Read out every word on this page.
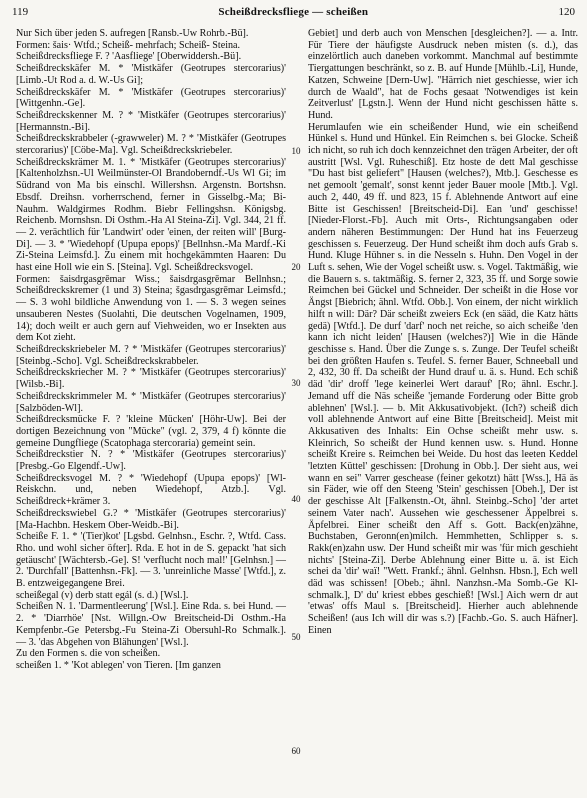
119	Scheißdrecksfliege — scheißen	120

Nur Sich über jeden S. aufregen [Ransb.-Uw Rohrb.-Bü].

Formen: šais· Wtfd.; Scheiß- mehrfach; Scheiß- Steina.

Scheißdrecksfliege F. ? 'Aasfliege' [Oberwiddersh.-Bü].

Scheißdreckskäfer M. * 'Mistkäfer (Geotrupes stercorarius)' [Limb.-Ut Rod a. d. W.-Us Gi];

Scheißdreckskäfer M. * 'Mistkäfer (Geotrupes stercorarius)' [Wittgenhn.-Ge].

Scheißdreckskenner M. ? * 'Mistkäfer (Geotrupes stercorarius)' [Hermannstn.-Bi].

Scheißdreckskrabbeler (-grawweler) M. ? * 'Mistkäfer (Geotrupes stercorarius)' [Cöbe-Ma]. Vgl. Scheißdreckskriebeler.

Scheißdreckskrämer M. 1. * 'Mistkäfer (Geotrupes stercorarius)' [Kaltenholzhsn.-Ul Weilmünster-Ol Brandoberndf.-Us Wl Gi; im Südrand von Ma bis einschl. Willershsn. Argenstn. Bortshsn. Ebsdf. Dreihsn. vorherrschend, ferner in Gisselbg.-Ma; Bi-Nauhm. Waldgirmes Rodhm. Biebr Fellingshsn. Königsbg. Reichenb. Mornshsn. Di Osthm.-Ha Al Steina-Zi]. Vgl. 344, 21 ff. — 2. verächtlich für 'Landwirt' oder 'einen, der reiten will' [Burg-Di]. — 3. * 'Wiedehopf (Upupa epops)' [Bellnhsn.-Ma Mardf.-Ki Zi-Steina Leimsfd.]. Zu einem mit hochgekämmten Haaren: Du hast eine Holl wie ein S. [Steina]. Vgl. Scheißdrecksvogel.

Formen: šaisdrgasgrēmar Wiss.; šaisdrgasgrēmar Bellnhsn.; Scheißdreckskremer (1 und 3) Steina; šgasdrgasgrēmar Leimsfd.; — S. 3 wohl bildliche Anwendung von 1. — S. 3 wegen seines unsauberen Nestes (Suolahti, Die deutschen Vogelnamen, 1909, 14); doch weilt er auch gern auf Viehweiden, wo er Insekten aus dem Kot zieht.

Scheißdreckskriebeler M. ? * 'Mistkäfer (Geotrupes stercorarius)' [Steinbg.-Scho]. Vgl. Scheißdreckskrabbeler.

Scheißdreckskriecher M. ? * 'Mistkäfer (Geotrupes stercorarius)' [Wilsb.-Bi].

Scheißdreckskrimmeler M. * 'Mistkäfer (Geotrupes stercorarius)' [Salzböden-Wl].

Scheißdrecksmücke F. ? 'kleine Mücken' [Höhr-Uw]. Bei der dortigen Bezeichnung von "Mücke" (vgl. 2, 379, 4 f) könnte die gemeine Dungfliege (Scatophaga stercoraria) gemeint sein.

Scheißdreckstier N. ? * 'Mistkäfer (Geotrupes stercorarius)' [Presbg.-Go Elgendf.-Uw].

Scheißdrecksvogel M. ? * 'Wiedehopf (Upupa epops)' [Wl-Reiskchn. und, neben Wiedehopf, Atzb.]. Vgl. Scheißdreck+krämer 3.

Scheißdreckswiebel G.? * 'Mistkäfer (Geotrupes stercorarius)' [Ma-Hachbn. Heskem Ober-Weidb.-Bi].

Scheiße F. 1. * '(Tier)kot' [Lgsbd. Gelnhsn., Eschr. ?, Wtfd. Cass. Rho. und wohl sicher öfter]. Rda. E hot in de S. gepackt 'hat sich getäuscht' [Wächtersb.-Ge]. S! 'verflucht noch mal!' [Gelnhsn.] — 2. 'Durchfall' [Battenhsn.-Fk]. — 3. 'unreinliche Masse' [Wtfd.], z. B. entzweigegangene Brei.

scheißegal (v) derb statt egál (s. d.) [Wsl.].

Scheißen N. 1. 'Darmentleerung' [Wsl.]. Eine Rda. s. bei Hund. — 2. * 'Diarrhöe' [Nst. Willgn.-Ow Breitscheid-Di Osthm.-Ha Kempfenbr.-Ge Petersbg.-Fu Steina-Zi Obersuhl-Ro Schmalk.]. — 3. 'das Abgehen von Blähungen' [Wsl.].

Zu den Formen s. die von scheißen.

scheißen 1. * 'Kot ablegen' von Tieren. [Im ganzen

10
20
30
40
50
60

Gebiet] und derb auch von Menschen [desgleichen?]. — a. Intr. Für Tiere der häufigste Ausdruck neben misten (s. d.), das einzelörtlich auch daneben vorkommt. Manchmal auf bestimmte Tiergattungen beschränkt, so z. B. auf Hunde [Mühlb.-Li], Hunde, Katzen, Schweine [Dern-Uw]. "Härrich niet geschiesse, wier ich durch de Waald", hat de Fochs gesaat 'Notwendiges ist kein Zeitverlust' [Lgstn.]. Wenn der Hund nicht geschissen hätte s. Hund.

Herumlaufen wie ein scheißender Hund, wie ein scheißend Hünkel s. Hund und Hünkel. Ein Reimchen s. bei Glocke. Scheiß ich nicht, so ruh ich doch kennzeichnet den trägen Arbeiter, der oft austritt [Wsl. Vgl. Ruheschiß]. Etz hoste de dett Mal geschisse "Du hast bist geliefert" [Hausen (welches?), Mtb.]. Geschesse es net gemoolt 'gemalt', sonst kennt jeder Bauer moole [Mtb.]. Vgl. auch 2, 440, 49 ff. und 823, 15 f. Ablehnende Antwort auf eine Bitte ist Geschissen! [Breitscheid-Di]. Ean 'und' geschisse! [Nieder-Florst.-Fb]. Auch mit Orts-, Richtungsangaben oder andern näheren Bestimmungen: Der Hund hat ins Feuerzeug geschissen s. Feuerzeug. Der Hund scheißt ihm doch aufs Grab s. Hund. Kluge Hühner s. in die Nesseln s. Huhn. Den Vogel in der Luft s. sehen, Wie der Vogel scheißt usw. s. Vogel. Taktmäßig, wie die Bauern s. s. taktmäßig. S. ferner 2, 323, 35 ff. und Sorge sowie Reimchen bei Gückel und Schneider. Der scheißt in die Hose vor Ängst [Biebrich; ähnl. Wtfd. Obb.]. Von einem, der nicht wirklich hilft n will: Där? Där scheißt zweiers Eck (en sääd, die Katz hätts gedä) [Wtfd.]. De durf 'darf' noch net reiche, so aich scheiße 'den kann ich nicht leiden' [Hausen (welches?)] Wie in die Hände geschisse s. Hand. Über die Zunge s. s. Zunge. Der Teufel scheißt bei den größten Haufen s. Teufel. S. ferner Bauer, Schneeball und 2, 432, 30 ff. Da scheißt der Hund drauf u. ä. s. Hund. Ech schiß däd 'dir' droff 'lege keinerlei Wert darauf' [Ro; ähnl. Eschr.]. Jemand uff die Näs scheiße 'jemande Forderung oder Bitte grob ablehnen' [Wsl.]. — b. Mit Akkusativobjekt. (Ich?) scheiß dich voll ablehnende Antwort auf eine Bitte [Breitscheid]. Meist mit Akkusativen des Inhalts: Ein Ochse scheißt mehr usw. s. Kleinrich, So scheißt der Hund kennen usw. s. Hund. Honne scheißt Kreire s. Reimchen bei Weide. Du host das leeten Keddel 'letzten Küttel' geschissen: [Drohung in Obb.]. Der sieht aus, wei wann en sei" Varrer geschease (feiner gekotzt) hätt [Wss.], Hä äs sin Fäder, wie off den Steeng 'Stein' geschissen [Obeh.], Der ist der geschisse Alt [Falkenstn.-Ot, ähnl. Steinbg.-Scho] 'der artet seinem Vater nach'. Aussehen wie geschessener Äppelbrei s. Äpfelbrei. Einer scheißt den Aff s. Gott. Back(en)zähne, Buchstaben, Geronn(en)milch. Hemmhetten, Schlipper s. s. Rakk(en)zahn usw. Der Hund scheißt mir was 'für mich geschieht nichts' [Steina-Zi]. Derbe Ablehnung einer Bitte u. ä. ist Eich schei da 'dir' waï! "Wett. Frankf.; ähnl. Gelnhsn. Hbsn.], Ech well däd was schissen! [Obeb.; ähnl. Nanzhsn.-Ma Somb.-Ge Kl-schmalk.], D' du' kriest ebbes geschieß! [Wsl.] Aich wern dr aut 'etwas' offs Maul s. [Breitscheid]. Hierher auch ablehnende Scheißen! (aus Ich will dir was s.?) [Fachb.-Go. S. auch Häfner]. Einen
